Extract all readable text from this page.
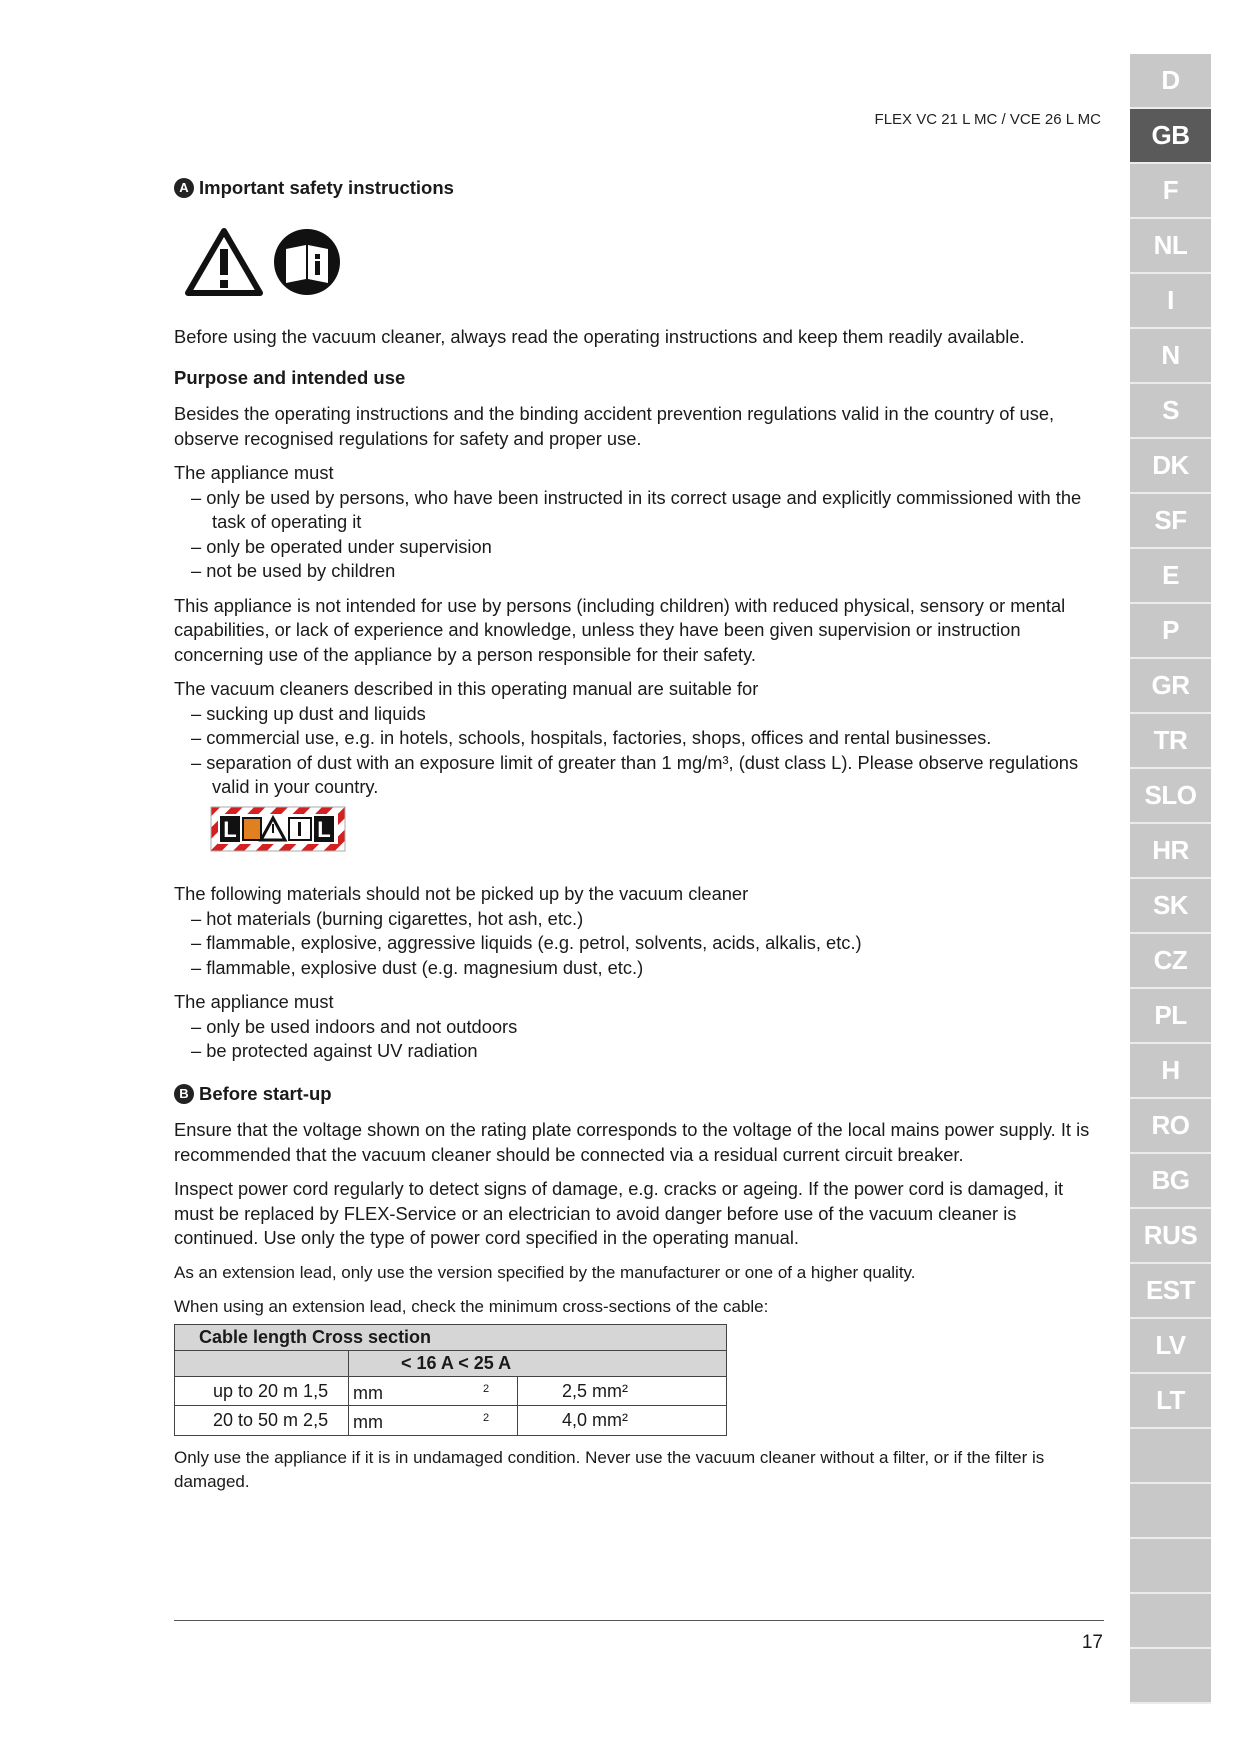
FLEX VC 21 L MC / VCE 26 L MC
A Important safety instructions

Before using the vacuum cleaner, always read the operating instructions and keep them readily available.

Purpose and intended use

Besides the operating instructions and the binding accident prevention regulations valid in the country of use, observe recognised regulations for safety and proper use.

The appliance must
– only be used by persons, who have been instructed in its correct usage and explicitly commissioned with the task of operating it
– only be operated under supervision
– not be used by children

This appliance is not intended for use by persons (including children) with reduced physical, sensory or mental capabilities, or lack of experience and knowledge, unless they have been given supervision or instruction concerning use of the appliance by a person responsible for their safety.

The vacuum cleaners described in this operating manual are suitable for
– sucking up dust and liquids
– commercial use, e.g. in hotels, schools, hospitals, factories, shops, offices and rental businesses.
– separation of dust with an exposure limit of greater than 1 mg/m³, (dust class L). Please observe regulations valid in your country.
L	L
The following materials should not be picked up by the vacuum cleaner
– hot materials (burning cigarettes, hot ash, etc.)
– flammable, explosive, aggressive liquids (e.g. petrol, solvents, acids, alkalis, etc.)
– flammable, explosive dust (e.g. magnesium dust, etc.)
The appliance must
– only be used indoors and not outdoors
– be protected against UV radiation
B Before start-up

Ensure that the voltage shown on the rating plate corresponds to the voltage of the local mains power supply. It is recommended that the vacuum cleaner should be connected via a residual current circuit breaker.

Inspect power cord regularly to detect signs of damage, e.g. cracks or ageing. If the power cord is damaged, it must be replaced by FLEX-Service or an electrician to avoid danger before use of the vacuum cleaner is continued. Use only the type of power cord specified in the operating manual.

As an extension lead, only use the version specified by the manufacturer or one of a higher quality.

When using an extension lead, check the minimum cross-sections of the cable:

Cable length Cross section		
	< 16 A < 25 A	
up to 20 m 1,5	mm $^2$	2,5 mm²
20 to 50 m 2,5	mm $^2$	4,0 mm²

Only use the appliance if it is in undamaged condition. Never use the vacuum cleaner without a filter, or if the filter is damaged.

17
D
GB
F
NL
I
N
S
DK
SF
E
P
GR
TR
SLO
HR
SK
CZ
PL
H
RO
BG
RUS
EST
LV
LT
